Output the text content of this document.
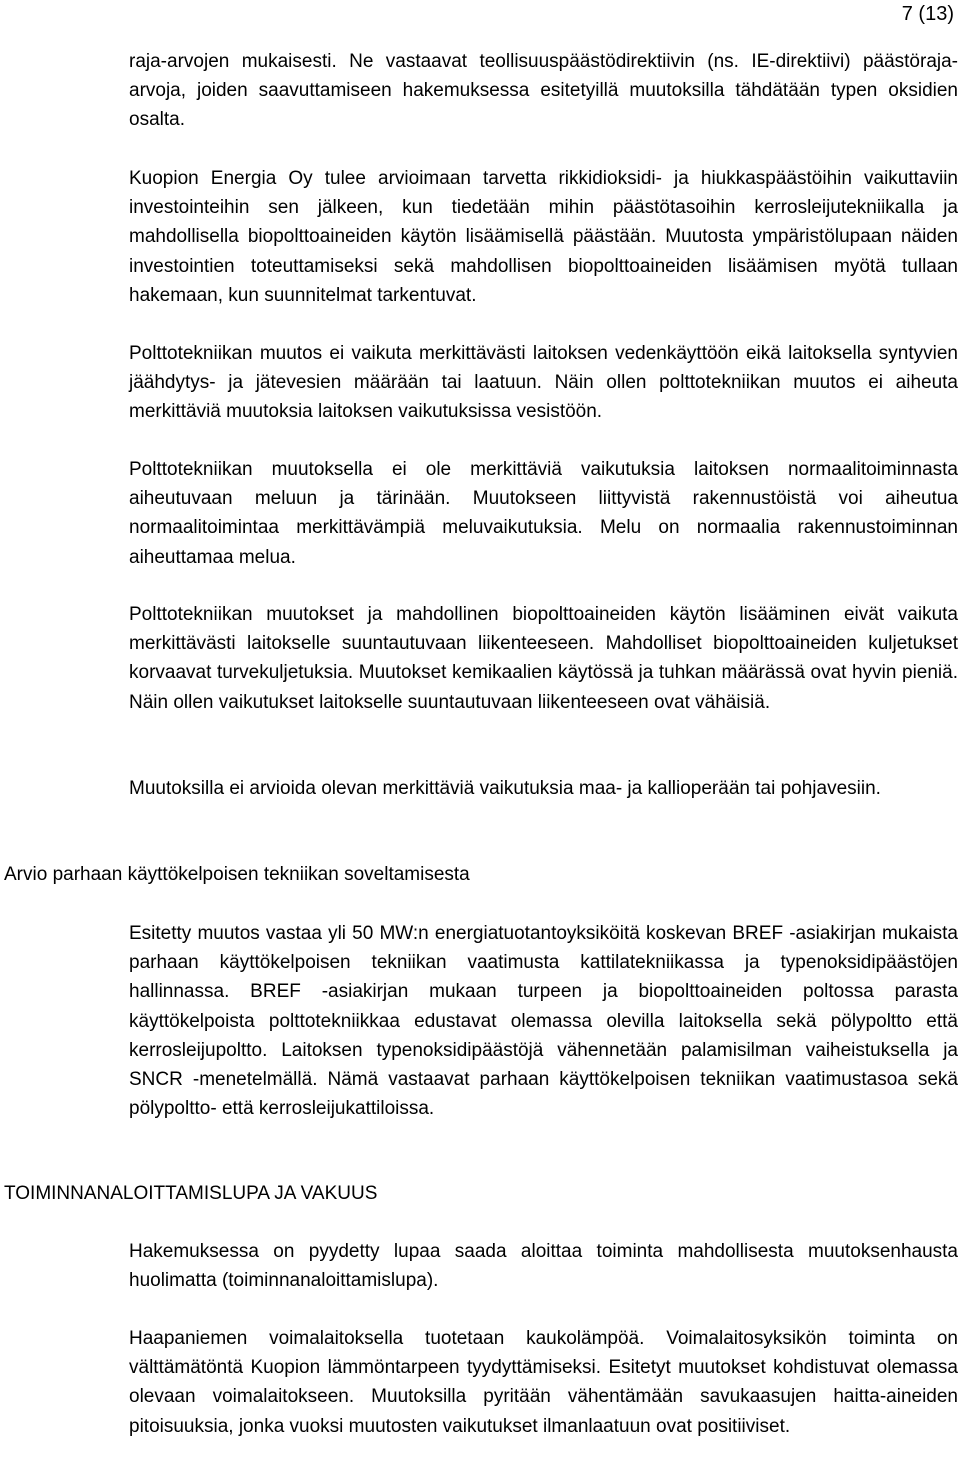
7 (13)

raja-arvojen mukaisesti. Ne vastaavat teollisuuspäästödirektiivin (ns. IE-direktiivi) päästöraja-arvoja, joiden saavuttamiseen hakemuksessa esitetyillä muutoksilla tähdätään typen oksidien osalta.

Kuopion Energia Oy tulee arvioimaan tarvetta rikkidioksidi- ja hiukkaspäästöihin vaikuttaviin investointeihin sen jälkeen, kun tiedetään mihin päästötasoihin kerrosleijutekniikalla ja mahdollisella biopolttoaineiden käytön lisäämisellä päästään. Muutosta ympäristölupaan näiden investointien toteuttamiseksi sekä mahdollisen biopolttoaineiden lisäämisen myötä tullaan hakemaan, kun suunnitelmat tarkentuvat.

Polttotekniikan muutos ei vaikuta merkittävästi laitoksen vedenkäyttöön eikä laitoksella syntyvien jäähdytys- ja jätevesien määrään tai laatuun. Näin ollen polttotekniikan muutos ei aiheuta merkittäviä muutoksia laitoksen vaikutuksissa vesistöön.

Polttotekniikan muutoksella ei ole merkittäviä vaikutuksia laitoksen normaalitoiminnasta aiheutuvaan meluun ja tärinään. Muutokseen liittyvistä rakennustöistä voi aiheutua normaalitoimintaa merkittävämpiä meluvaikutuksia. Melu on normaalia rakennustoiminnan aiheuttamaa melua.

Polttotekniikan muutokset ja mahdollinen biopolttoaineiden käytön lisääminen eivät vaikuta merkittävästi laitokselle suuntautuvaan liikenteeseen. Mahdolliset biopolttoaineiden kuljetukset korvaavat turvekuljetuksia. Muutokset kemikaalien käytössä ja tuhkan määrässä ovat hyvin pieniä. Näin ollen vaikutukset laitokselle suuntautuvaan liikenteeseen ovat vähäisiä.

Muutoksilla ei arvioida olevan merkittäviä vaikutuksia maa- ja kallioperään tai pohjavesiin.

Arvio parhaan käyttökelpoisen tekniikan soveltamisesta

Esitetty muutos vastaa yli 50 MW:n energiatuotantoyksiköitä koskevan BREF -asiakirjan mukaista parhaan käyttökelpoisen tekniikan vaatimusta kattilatekniikassa ja typenoksidipäästöjen hallinnassa. BREF -asiakirjan mukaan turpeen ja biopolttoaineiden poltossa parasta käyttökelpoista polttotekniikkaa edustavat olemassa olevilla laitoksella sekä pölypoltto että kerrosleijupoltto. Laitoksen typenoksidipäästöjä vähennetään palamisilman vaiheistuksella ja SNCR -menetelmällä. Nämä vastaavat parhaan käyttökelpoisen tekniikan vaatimustasoa sekä pölypoltto- että kerrosleijukattiloissa.

TOIMINNANALOITTAMISLUPA JA VAKUUS

Hakemuksessa on pyydetty lupaa saada aloittaa toiminta mahdollisesta muutoksenhausta huolimatta (toiminnanaloittamislupa).

Haapaniemen voimalaitoksella tuotetaan kaukolämpöä. Voimalaitosyksikön toiminta on välttämätöntä Kuopion lämmöntarpeen tyydyttämiseksi. Esitetyt muutokset kohdistuvat olemassa olevaan voimalaitokseen. Muutoksilla pyritään vähentämään savukaasujen haitta-aineiden pitoisuuksia, jonka vuoksi muutosten vaikutukset ilmanlaatuun ovat positiiviset.
